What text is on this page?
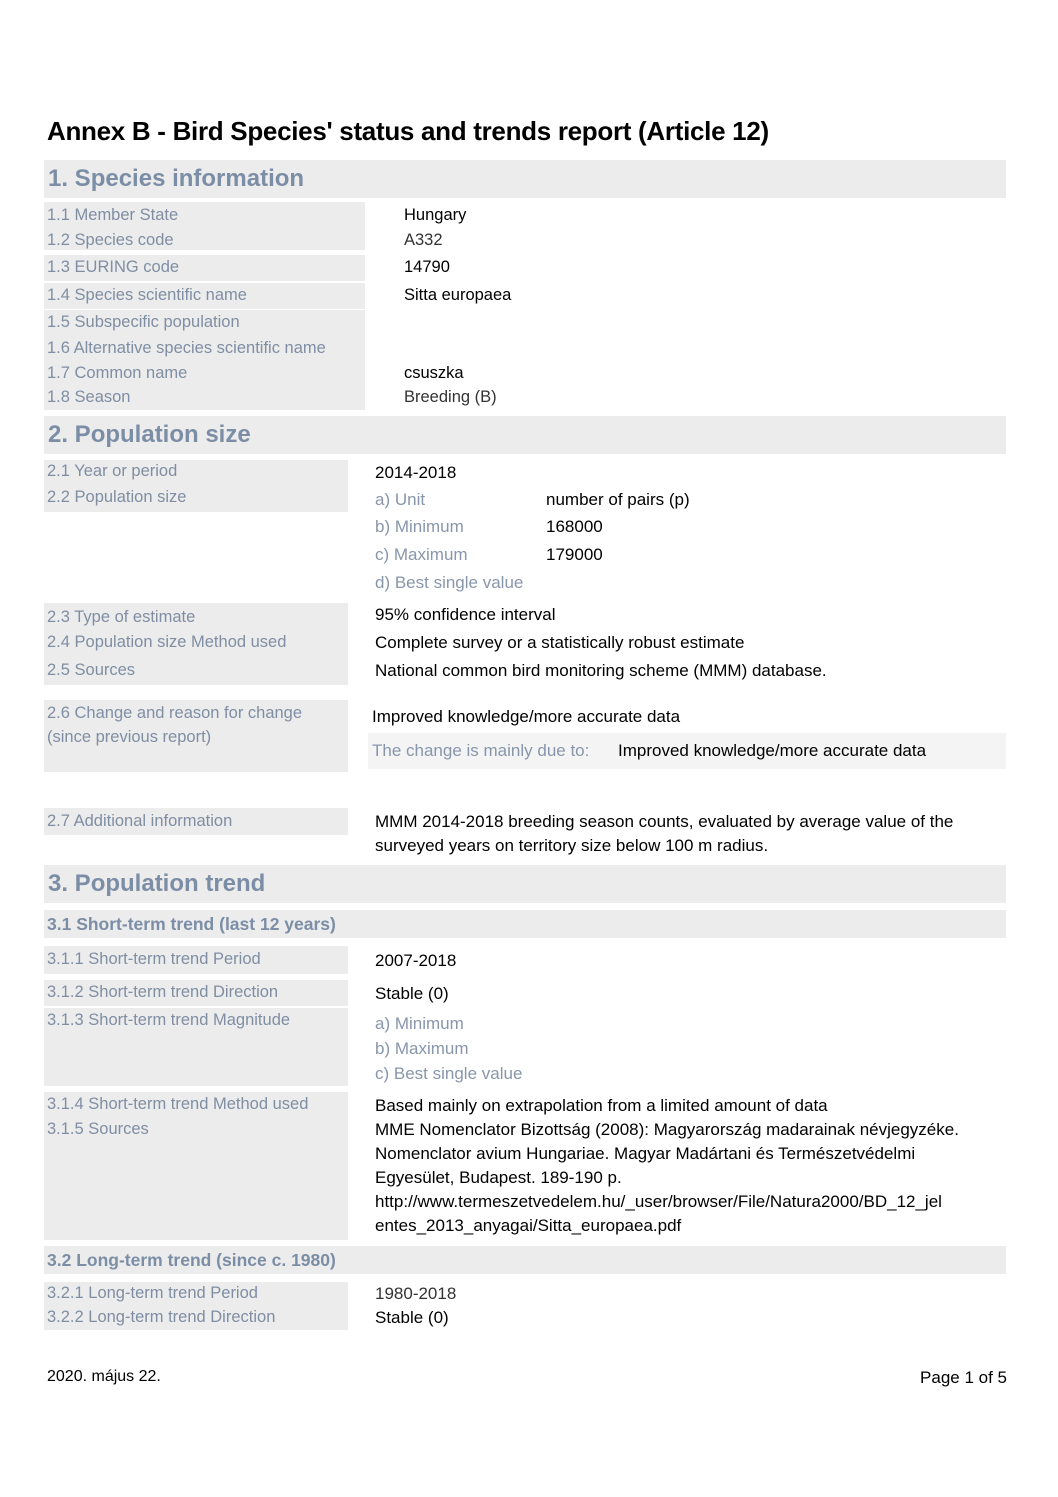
Annex B - Bird Species' status and trends report (Article 12)
1. Species information
1.1 Member State	Hungary
1.2 Species code	A332
1.3 EURING code	14790
1.4 Species scientific name	Sitta europaea
1.5 Subspecific population
1.6 Alternative species scientific name
1.7 Common name	csuszka
1.8 Season	Breeding (B)
2. Population size
2.1 Year or period	2014-2018
2.2 Population size	a) Unit	number of pairs (p)
b) Minimum	168000
c) Maximum	179000
d) Best single value
2.3 Type of estimate	95% confidence interval
2.4 Population size Method used	Complete survey or a statistically robust estimate
2.5 Sources	National common bird monitoring scheme (MMM) database.
2.6 Change and reason for change
(since previous report)
Improved knowledge/more accurate data
The change is mainly due to: Improved knowledge/more accurate data
2.7 Additional information	MMM 2014-2018 breeding season counts, evaluated by average value of the
surveyed years on territory size below 100 m radius.
3. Population trend
3.1 Short-term trend (last 12 years)
3.1.1 Short-term trend Period	2007-2018
3.1.2 Short-term trend Direction	Stable (0)
3.1.3 Short-term trend Magnitude	a) Minimum
b) Maximum
c) Best single value
3.1.4 Short-term trend Method used	Based mainly on extrapolation from a limited amount of data
3.1.5 Sources	MME Nomenclator Bizottság (2008): Magyarország madarainak névjegyzéke.
Nomenclator avium Hungariae. Magyar Madártani és Természetvédelmi
Egyesület, Budapest. 189-190 p.
http://www.termeszetvedelem.hu/_user/browser/File/Natura2000/BD_12_jel
entes_2013_anyagai/Sitta_europaea.pdf
3.2 Long-term trend (since c. 1980)
3.2.1 Long-term trend Period	1980-2018
3.2.2 Long-term trend Direction	Stable (0)
2020. május 22.	Page 1 of 5
